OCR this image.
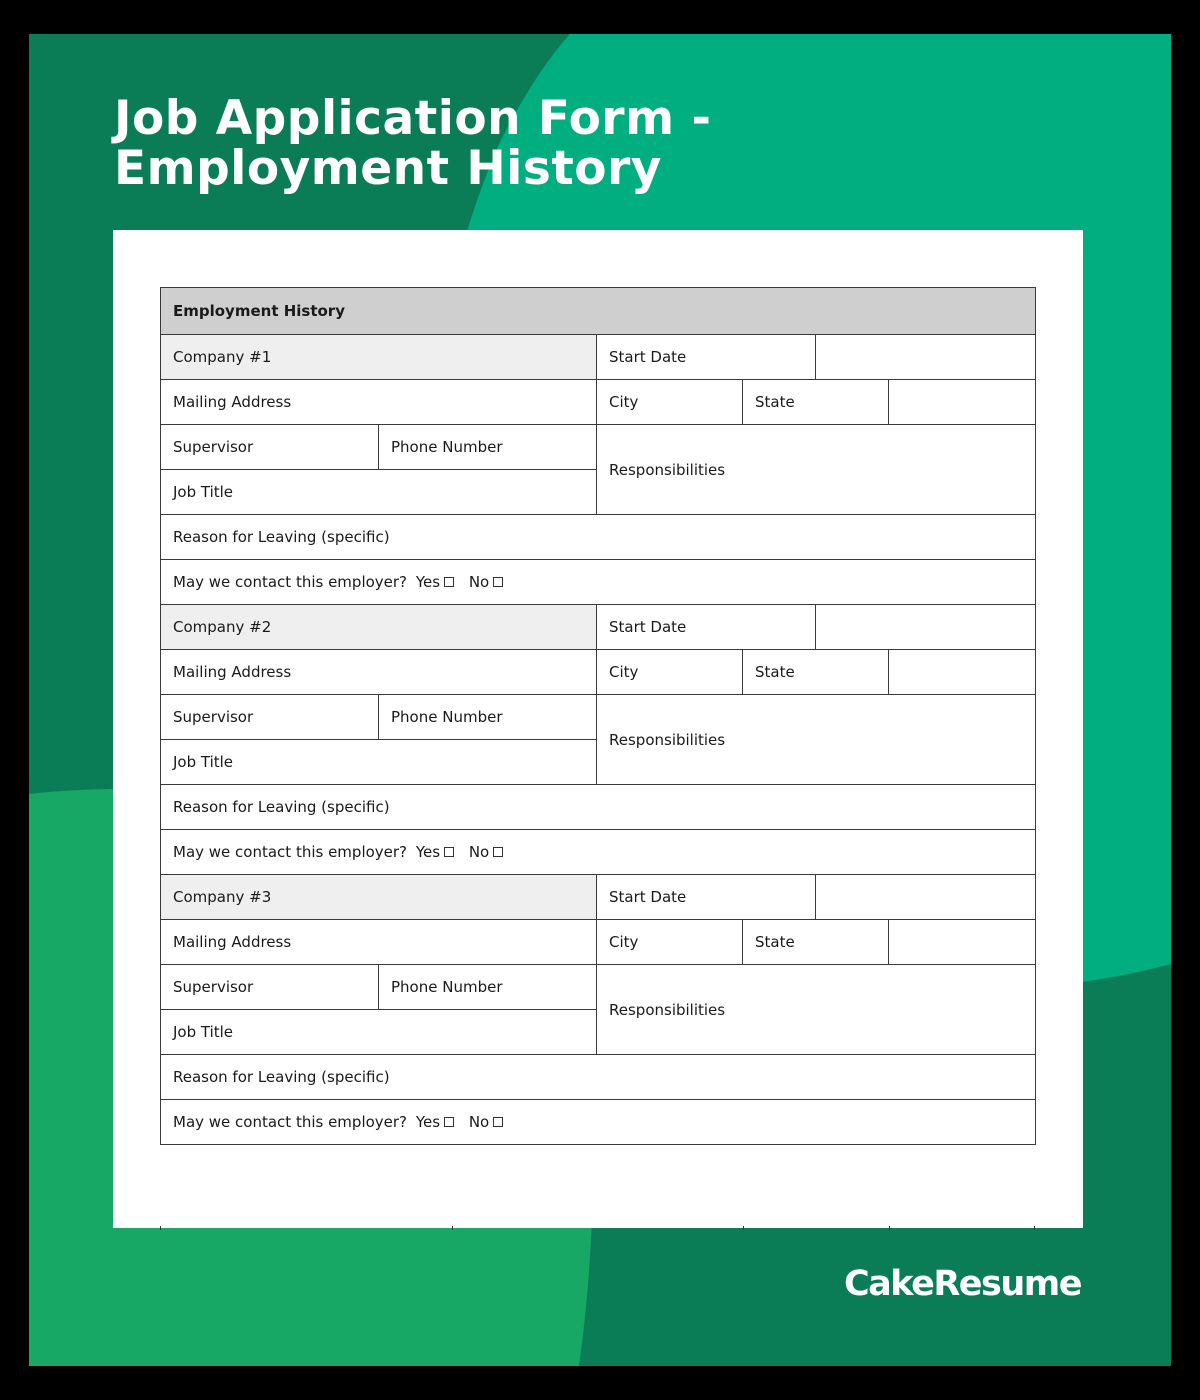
Job Application Form -
Employment History
Employment History					
Company #1		Start Date			
Mailing Address		City	State		
Supervisor	Phone Number	Responsibilities			
Job Title					
Reason for Leaving (specific)					
May we contact this employer? Yes No					
Company #2		Start Date			
Mailing Address		City	State		
Supervisor	Phone Number	Responsibilities			
Job Title					
Reason for Leaving (specific)					
May we contact this employer? Yes No					
Company #3		Start Date			
Mailing Address		City	State		
Supervisor	Phone Number	Responsibilities			
Job Title					
Reason for Leaving (specific)					
May we contact this employer? Yes No					
CakeResume
